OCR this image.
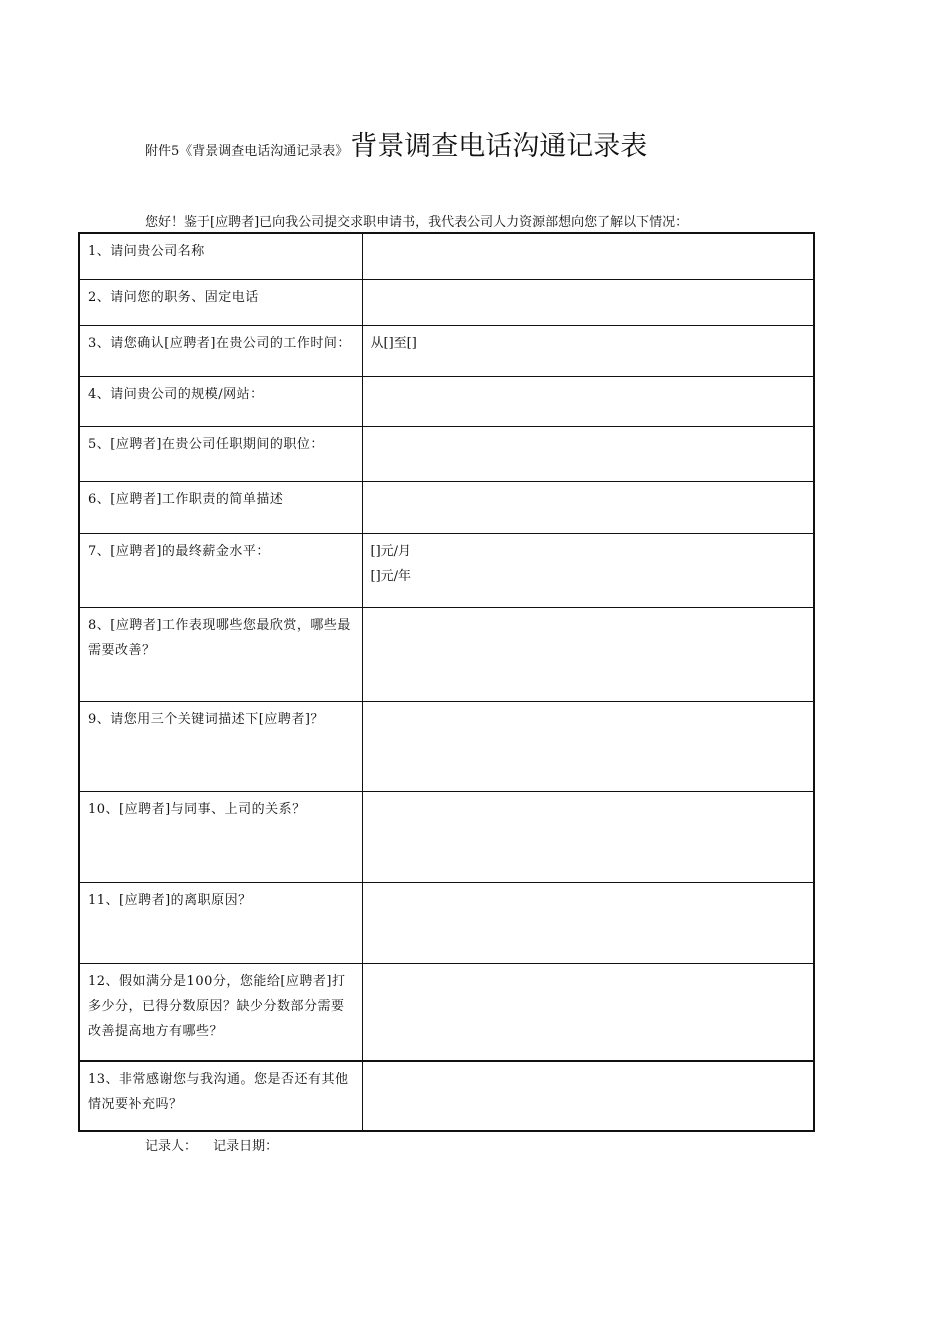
附件5《背景调查电话沟通记录表》 背景调查电话沟通记录表
您好！鉴于[应聘者]已向我公司提交求职申请书，我代表公司人力资源部想向您了解以下情况：
1、请问贵公司名称	

2、请问您的职务、固定电话	

3、请您确认[应聘者]在贵公司的工作时间：	从[]至[]

4、请问贵公司的规模/网站：	

5、[应聘者]在贵公司任职期间的职位：	

6、[应聘者]工作职责的简单描述	

7、[应聘者]的最终薪金水平：	[]元/月
[]元/年

8、[应聘者]工作表现哪些您最欣赏，哪些最需要改善？	

9、请您用三个关键词描述下[应聘者]？	

10、[应聘者]与同事、上司的关系？	

11、[应聘者]的离职原因？	

12、假如满分是100分，您能给[应聘者]打多少分，已得分数原因？缺少分数部分需要改善提高地方有哪些？	

13、非常感谢您与我沟通。您是否还有其他情况要补充吗？	
记录人： 记录日期：
